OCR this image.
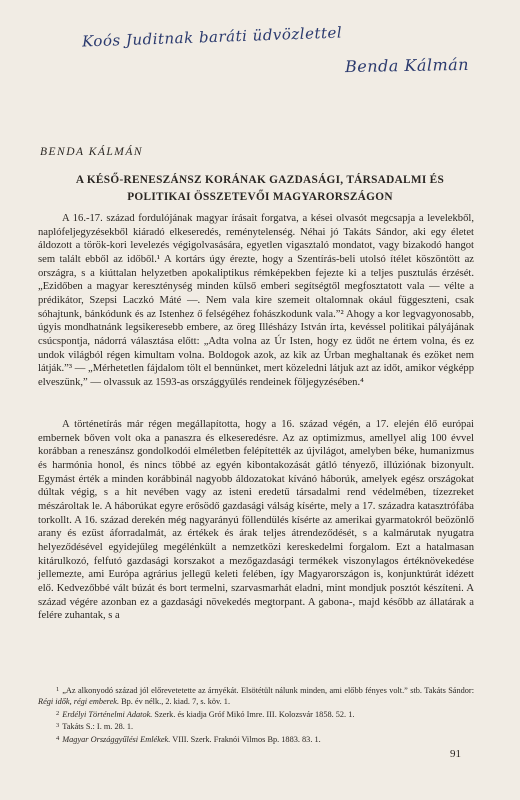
Koós Juditnak baráti üdvözlettel
Benda Kálmán
BENDA KÁLMÁN
A KÉSŐ-RENESZÁNSZ KORÁNAK GAZDASÁGI, TÁRSADALMI ÉS
POLITIKAI ÖSSZETEVŐI MAGYARORSZÁGON

A 16.-17. század fordulójának magyar írásait forgatva, a kései olvasót megcsapja a levelekből, naplófeljegyzésekből kiáradó elkeseredés, reménytelenség. Néhai jó Takáts Sándor, aki egy életet áldozott a török-kori levelezés végigolvasására, egyetlen vigasztaló mondatot, vagy bizakodó hangot sem talált ebből az időből.¹ A kortárs úgy érezte, hogy a Szentírás-beli utolsó ítélet köszöntött az országra, s a kiúttalan helyzetben apokaliptikus rémképekben fejezte ki a teljes pusztulás érzését. „Ezidőben a magyar kereszténység minden külső emberi segítségtől megfosztatott vala — vélte a prédikátor, Szepsi Laczkó Máté —. Nem vala kire szemeit oltalomnak okául függeszteni, csak sóhajtunk, bánkódunk és az Istenhez ő felségéhez fohászkodunk vala.”² Ahogy a kor legvagyonosabb, úgyis mondhatnánk legsikeresebb embere, az öreg Illésházy István írta, kevéssel politikai pályájának csúcspontja, nádorrá választása előtt: „Adta volna az Úr Isten, hogy ez üdőt ne értem volna, és ez undok világból régen kimultam volna. Boldogok azok, az kik az Úrban meghaltanak és ezöket nem látják.”³ — „Mérhetetlen fájdalom tölt el bennünket, mert közeledni látjuk azt az időt, amikor végképp elveszünk,” — olvassuk az 1593-as országgyűlés rendeinek följegyzésében.⁴

A történetírás már régen megállapította, hogy a 16. század végén, a 17. elején élő európai embernek bőven volt oka a panaszra és elkeseredésre. Az az optimizmus, amellyel alig 100 évvel korábban a reneszánsz gondolkodói elméletben felépítették az újvilágot, amelyben béke, humanizmus és harmónia honol, és nincs többé az egyén kibontakozását gátló tényező, illúziónak bizonyult. Egymást érték a minden korábbinál nagyobb áldozatokat kívánó háborúk, amelyek egész országokat dúltak végig, s a hit nevében vagy az isteni eredetű társadalmi rend védelmében, tízezreket mészároltak le. A háborúkat egyre erősödő gazdasági válság kísérte, mely a 17. századra katasztrófába torkollt. A 16. század derekén még nagyarányú föllendülés kísérte az amerikai gyarmatokról beözönlő arany és ezüst áforradalmát, az értékek és árak teljes átrendeződését, s a kalmárutak nyugatra helyeződésével egyidejűleg megélénkült a nemzetközi kereskedelmi forgalom. Ezt a hatalmasan kitárulkozó, felfutó gazdasági korszakot a mezőgazdasági termékek viszonylagos értéknövekedése jellemezte, ami Európa agrárius jellegű keleti felében, így Magyarországon is, konjunktúrát idézett elő. Kedvezőbbé vált búzát és bort termelni, szarvasmarhát eladni, mint mondjuk posztót készíteni. A század végére azonban ez a gazdasági növekedés megtorpant. A gabona-, majd később az állatárak a felére zuhantak, s a

$^1$ „Az alkonyodó század jól előrevetetette az árnyékát. Elsötétült nálunk minden, ami előbb fényes volt.” stb. Takáts Sándor: Régi idők, régi emberek. Bp. év nélk., 2. kiad. 7, s. köv. 1.

$^2$ Erdélyi Történelmi Adatok. Szerk. és kiadja Gróf Mikó Imre. III. Kolozsvár 1858. 52. 1.

$^3$ Takáts S.: I. m. 28. 1.

$^4$ Magyar Országgyűlési Emlékek. VIII. Szerk. Fraknói Vilmos Bp. 1883. 83. 1.

91
